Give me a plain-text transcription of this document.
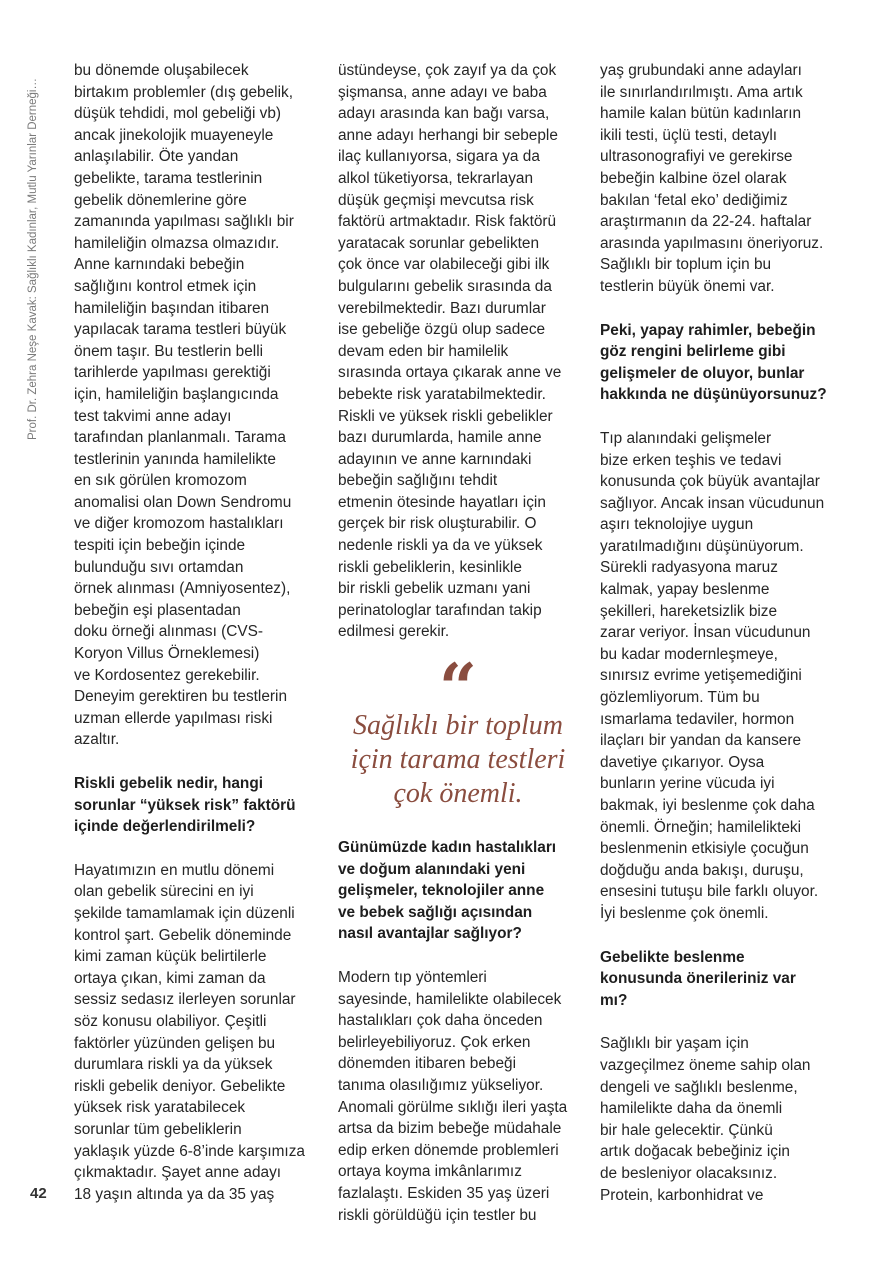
Prof. Dr. Zehra Neşe Kavak: Sağlıklı Kadınlar, Mutlu Yarınlar Derneği…
42
bu dönemde oluşabilecek
birtakım problemler (dış gebelik,
düşük tehdidi, mol gebeliği vb)
ancak jinekolojik muayeneyle
anlaşılabilir. Öte yandan
gebelikte, tarama testlerinin
gebelik dönemlerine göre
zamanında yapılması sağlıklı bir
hamileliğin olmazsa olmazıdır.
Anne karnındaki bebeğin
sağlığını kontrol etmek için
hamileliğin başından itibaren
yapılacak tarama testleri büyük
önem taşır. Bu testlerin belli
tarihlerde yapılması gerektiği
için, hamileliğin başlangıcında
test takvimi anne adayı
tarafından planlanmalı. Tarama
testlerinin yanında hamilelikte
en sık görülen kromozom
anomalisi olan Down Sendromu
ve diğer kromozom hastalıkları
tespiti için bebeğin içinde
bulunduğu sıvı ortamdan
örnek alınması (Amniyosentez),
bebeğin eşi plasentadan
doku örneği alınması (CVS-
Koryon Villus Örneklemesi)
ve Kordosentez gerekebilir.
Deneyim gerektiren bu testlerin
uzman ellerde yapılması riski
azaltır.
Riskli gebelik nedir, hangi
sorunlar “yüksek risk” faktörü
içinde değerlendirilmeli?
Hayatımızın en mutlu dönemi
olan gebelik sürecini en iyi
şekilde tamamlamak için düzenli
kontrol şart. Gebelik döneminde
kimi zaman küçük belirtilerle
ortaya çıkan, kimi zaman da
sessiz sedasız ilerleyen sorunlar
söz konusu olabiliyor. Çeşitli
faktörler yüzünden gelişen bu
durumlara riskli ya da yüksek
riskli gebelik deniyor. Gebelikte
yüksek risk yaratabilecek
sorunlar tüm gebeliklerin
yaklaşık yüzde 6-8’inde karşımıza
çıkmaktadır. Şayet anne adayı
18 yaşın altında ya da 35 yaş
üstündeyse, çok zayıf ya da çok
şişmansa, anne adayı ve baba
adayı arasında kan bağı varsa,
anne adayı herhangi bir sebeple
ilaç kullanıyorsa, sigara ya da
alkol tüketiyorsa, tekrarlayan
düşük geçmişi mevcutsa risk
faktörü artmaktadır. Risk faktörü
yaratacak sorunlar gebelikten
çok önce var olabileceği gibi ilk
bulgularını gebelik sırasında da
verebilmektedir. Bazı durumlar
ise gebeliğe özgü olup sadece
devam eden bir hamilelik
sırasında ortaya çıkarak anne ve
bebekte risk yaratabilmektedir.
Riskli ve yüksek riskli gebelikler
bazı durumlarda, hamile anne
adayının ve anne karnındaki
bebeğin sağlığını tehdit
etmenin ötesinde hayatları için
gerçek bir risk oluşturabilir. O
nedenle riskli ya da ve yüksek
riskli gebeliklerin, kesinlikle
bir riskli gebelik uzmanı yani
perinatologlar tarafından takip
edilmesi gerekir.
“
Sağlıklı bir toplum
için tarama testleri
çok önemli.
Günümüzde kadın hastalıkları
ve doğum alanındaki yeni
gelişmeler, teknolojiler anne
ve bebek sağlığı açısından
nasıl avantajlar sağlıyor?
Modern tıp yöntemleri
sayesinde, hamilelikte olabilecek
hastalıkları çok daha önceden
belirleyebiliyoruz. Çok erken
dönemden itibaren bebeği
tanıma olasılığımız yükseliyor.
Anomali görülme sıklığı ileri yaşta
artsa da bizim bebeğe müdahale
edip erken dönemde problemleri
ortaya koyma imkânlarımız
fazlalaştı. Eskiden 35 yaş üzeri
riskli görüldüğü için testler bu
yaş grubundaki anne adayları
ile sınırlandırılmıştı. Ama artık
hamile kalan bütün kadınların
ikili testi, üçlü testi, detaylı
ultrasonografiyi ve gerekirse
bebeğin kalbine özel olarak
bakılan ‘fetal eko’ dediğimiz
araştırmanın da 22-24. haftalar
arasında yapılmasını öneriyoruz.
Sağlıklı bir toplum için bu
testlerin büyük önemi var.
Peki, yapay rahimler, bebeğin
göz rengini belirleme gibi
gelişmeler de oluyor, bunlar
hakkında ne düşünüyorsunuz?
Tıp alanındaki gelişmeler
bize erken teşhis ve tedavi
konusunda çok büyük avantajlar
sağlıyor. Ancak insan vücudunun
aşırı teknolojiye uygun
yaratılmadığını düşünüyorum.
Sürekli radyasyona maruz
kalmak, yapay beslenme
şekilleri, hareketsizlik bize
zarar veriyor. İnsan vücudunun
bu kadar modernleşmeye,
sınırsız evrime yetişemediğini
gözlemliyorum. Tüm bu
ısmarlama tedaviler, hormon
ilaçları bir yandan da kansere
davetiye çıkarıyor. Oysa
bunların yerine vücuda iyi
bakmak, iyi beslenme çok daha
önemli. Örneğin; hamilelikteki
beslenmenin etkisiyle çocuğun
doğduğu anda bakışı, duruşu,
ensesini tutuşu bile farklı oluyor.
İyi beslenme çok önemli.
Gebelikte beslenme
konusunda önerileriniz var
mı?
Sağlıklı bir yaşam için
vazgeçilmez öneme sahip olan
dengeli ve sağlıklı beslenme,
hamilelikte daha da önemli
bir hale gelecektir. Çünkü
artık doğacak bebeğiniz için
de besleniyor olacaksınız.
Protein, karbonhidrat ve
